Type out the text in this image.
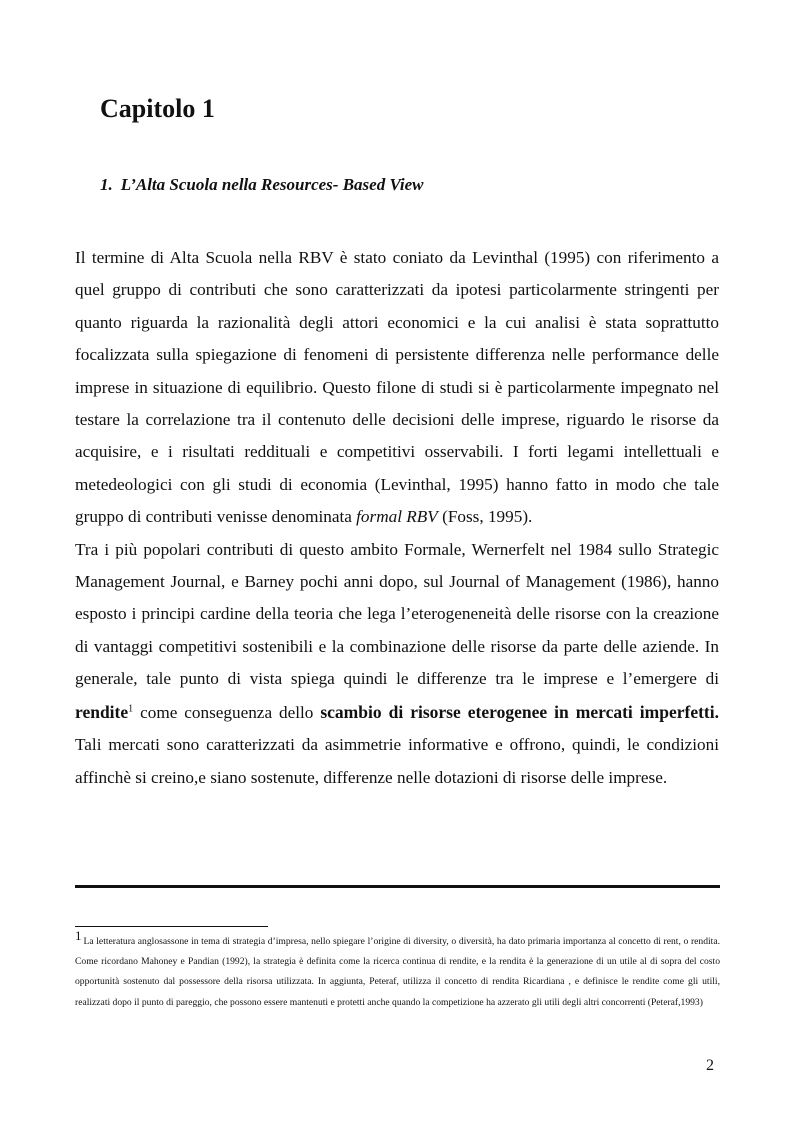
Capitolo 1
1. L’Alta Scuola nella Resources- Based View

Il termine di Alta Scuola nella RBV è stato coniato da Levinthal (1995) con riferimento a quel gruppo di contributi che sono caratterizzati da ipotesi particolarmente stringenti per quanto riguarda la razionalità degli attori economici e la cui analisi è stata soprattutto focalizzata sulla spiegazione di fenomeni di persistente differenza nelle performance delle imprese in situazione di equilibrio. Questo filone di studi si è particolarmente impegnato nel testare la correlazione tra il contenuto delle decisioni delle imprese, riguardo le risorse da acquisire, e i risultati reddituali e competitivi osservabili. I forti legami intellettuali e metedeologici con gli studi di economia (Levinthal, 1995) hanno fatto in modo che tale gruppo di contributi venisse denominata formal RBV (Foss, 1995).

Tra i più popolari contributi di questo ambito Formale, Wernerfelt nel 1984 sullo Strategic Management Journal, e Barney pochi anni dopo, sul Journal of Management (1986), hanno esposto i principi cardine della teoria che lega l’eterogeneneità delle risorse con la creazione di vantaggi competitivi sostenibili e la combinazione delle risorse da parte delle aziende. In generale, tale punto di vista spiega quindi le differenze tra le imprese e l’emergere di rendite$^1$ come conseguenza dello scambio di risorse eterogenee in mercati imperfetti. Tali mercati sono caratterizzati da asimmetrie informative e offrono, quindi, le condizioni affinchè si creino,e siano sostenute, differenze nelle dotazioni di risorse delle imprese.

1 La letteratura anglosassone in tema di strategia d’impresa, nello spiegare l’origine di diversity, o diversità, ha dato primaria importanza al concetto di rent, o rendita. Come ricordano Mahoney e Pandian (1992), la strategia è definita come la ricerca continua di rendite, e la rendita è la generazione di un utile al di sopra del costo opportunità sostenuto dal possessore della risorsa utilizzata. In aggiunta, Peteraf, utilizza il concetto di rendita Ricardiana , e definisce le rendite come gli utili, realizzati dopo il punto di pareggio, che possono essere mantenuti e protetti anche quando la competizione ha azzerato gli utili degli altri concorrenti (Peteraf,1993)
2
